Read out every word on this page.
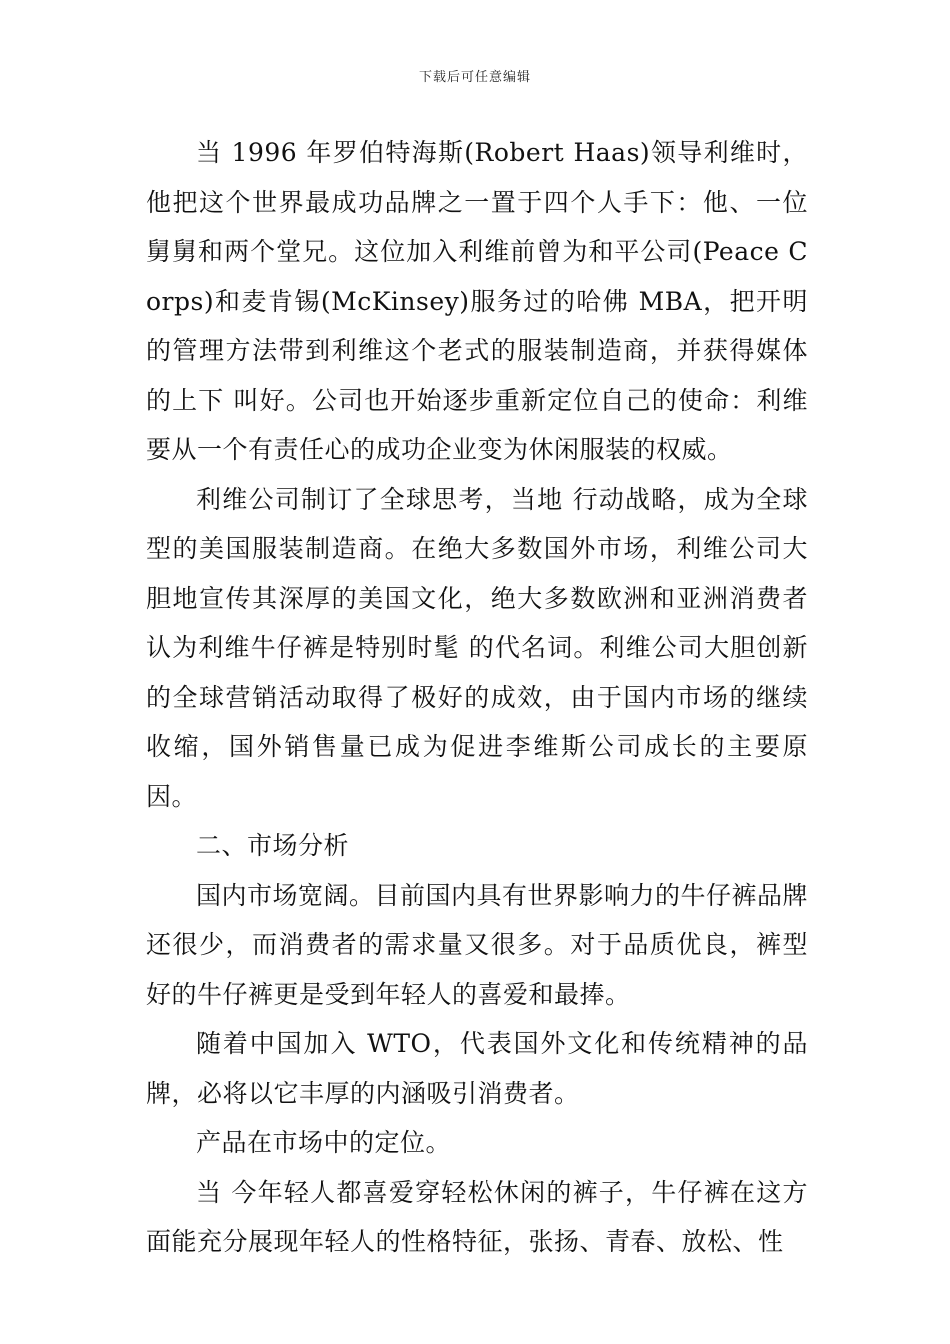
下载后可任意编辑

当 1996 年罗伯特海斯(Robert Haas)领导利维时，他把这个世界最成功品牌之一置于四个人手下：他、一位舅舅和两个堂兄。这位加入利维前曾为和平公司(Peace Corps)和麦肯锡(McKinsey)服务过的哈佛 MBA，把开明的管理方法带到利维这个老式的服装制造商，并获得媒体的上下 叫好。公司也开始逐步重新定位自己的使命：利维要从一个有责任心的成功企业变为休闲服装的权威。

利维公司制订了全球思考，当地 行动战略，成为全球型的美国服装制造商。在绝大多数国外市场，利维公司大胆地宣传其深厚的美国文化，绝大多数欧洲和亚洲消费者认为利维牛仔裤是特别时髦 的代名词。利维公司大胆创新的全球营销活动取得了极好的成效，由于国内市场的继续收缩，国外销售量已成为促进李维斯公司成长的主要原因。

二、市场分析

国内市场宽阔。目前国内具有世界影响力的牛仔裤品牌还很少，而消费者的需求量又很多。对于品质优良，裤型好的牛仔裤更是受到年轻人的喜爱和最捧。

随着中国加入 WTO，代表国外文化和传统精神的品牌，必将以它丰厚的内涵吸引消费者。

产品在市场中的定位。

当 今年轻人都喜爱穿轻松休闲的裤子，牛仔裤在这方面能充分展现年轻人的性格特征，张扬、青春、放松、性
